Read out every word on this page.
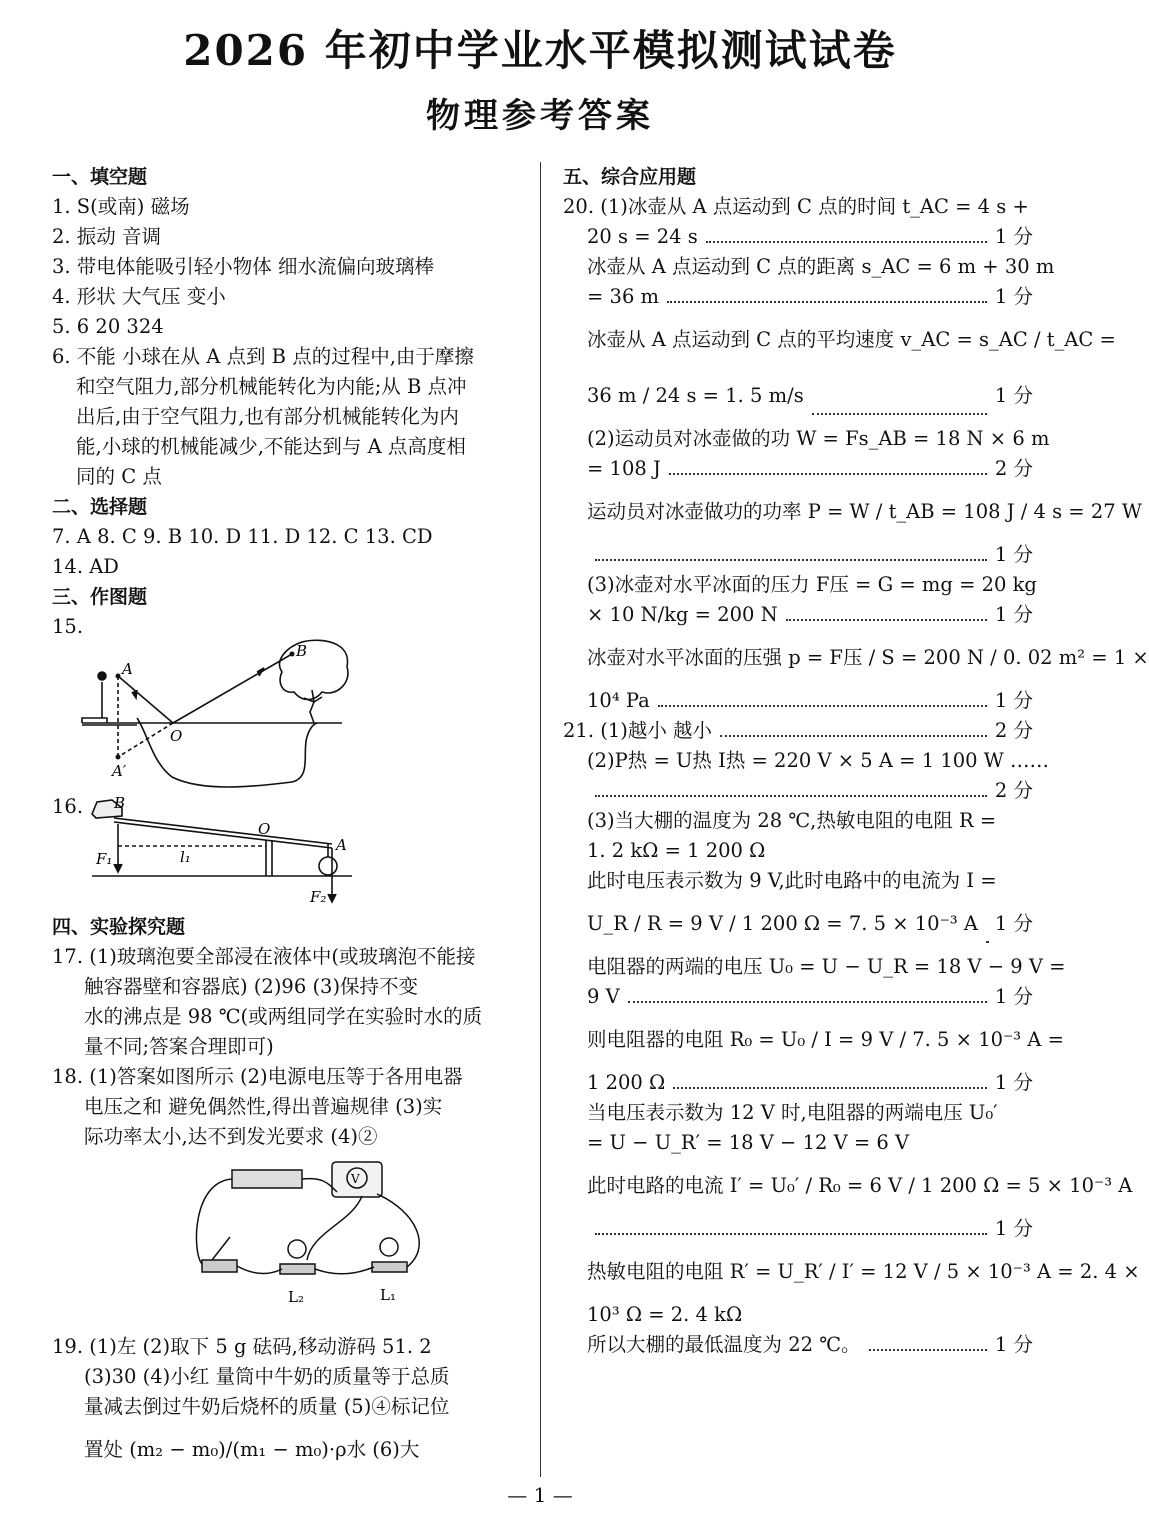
2026 年初中学业水平模拟测试试卷
物理参考答案
一、填空题
1. S(或南) 磁场
2. 振动 音调
3. 带电体能吸引轻小物体 细水流偏向玻璃棒
4. 形状 大气压 变小
5. 6 20 324
6. 不能 小球在从 A 点到 B 点的过程中,由于摩擦
和空气阻力,部分机械能转化为内能;从 B 点冲
出后,由于空气阻力,也有部分机械能转化为内
能,小球的机械能减少,不能达到与 A 点高度相
同的 C 点
二、选择题
7. A 8. C 9. B 10. D 11. D 12. C 13. CD
14. AD
三、作图题
15.
A
B
O
A′
16.	B
O
A
F₁	l₁
F₂
四、实验探究题
17. (1)玻璃泡要全部浸在液体中(或玻璃泡不能接
触容器壁和容器底) (2)96 (3)保持不变
水的沸点是 98 ℃(或两组同学在实验时水的质
量不同;答案合理即可)
18. (1)答案如图所示 (2)电源电压等于各用电器
电压之和 避免偶然性,得出普遍规律 (3)实
际功率太小,达不到发光要求 (4)②
V
L₂	L₁
19. (1)左 (2)取下 5 g 砝码,移动游码 51. 2
(3)30 (4)小红 量筒中牛奶的质量等于总质
量减去倒过牛奶后烧杯的质量 (5)④标记位
置处 (m₂ − m₀)/(m₁ − m₀)·ρ水 (6)大
五、综合应用题
20. (1)冰壶从 A 点运动到 C 点的时间 t_AC = 4 s +
20 s = 24 s	1 分
冰壶从 A 点运动到 C 点的距离 s_AC = 6 m + 30 m
= 36 m	1 分
冰壶从 A 点运动到 C 点的平均速度 v_AC = s_AC / t_AC =
36 m / 24 s = 1. 5 m/s	1 分
(2)运动员对冰壶做的功 W = Fs_AB = 18 N × 6 m
= 108 J	2 分
运动员对冰壶做功的功率 P = W / t_AB = 108 J / 4 s = 27 W
1 分
(3)冰壶对水平冰面的压力 F压 = G = mg = 20 kg
× 10 N/kg = 200 N	1 分
冰壶对水平冰面的压强 p = F压 / S = 200 N / 0. 02 m² = 1 ×
10⁴ Pa	1 分
21. (1)越小 越小	2 分
(2)P热 = U热 I热 = 220 V × 5 A = 1 100 W ……
2 分
(3)当大棚的温度为 28 ℃,热敏电阻的电阻 R =
1. 2 kΩ = 1 200 Ω
此时电压表示数为 9 V,此时电路中的电流为 I =
U_R / R = 9 V / 1 200 Ω = 7. 5 × 10⁻³ A 1 分
电阻器的两端的电压 U₀ = U − U_R = 18 V − 9 V =
9 V	1 分
则电阻器的电阻 R₀ = U₀ / I = 9 V / 7. 5 × 10⁻³ A =
1 200 Ω	1 分
当电压表示数为 12 V 时,电阻器的两端电压 U₀′
= U − U_R′ = 18 V − 12 V = 6 V
此时电路的电流 I′ = U₀′ / R₀ = 6 V / 1 200 Ω = 5 × 10⁻³ A
1 分
热敏电阻的电阻 R′ = U_R′ / I′ = 12 V / 5 × 10⁻³ A = 2. 4 ×
10³ Ω = 2. 4 kΩ
所以大棚的最低温度为 22 ℃。	1 分
— 1 —
